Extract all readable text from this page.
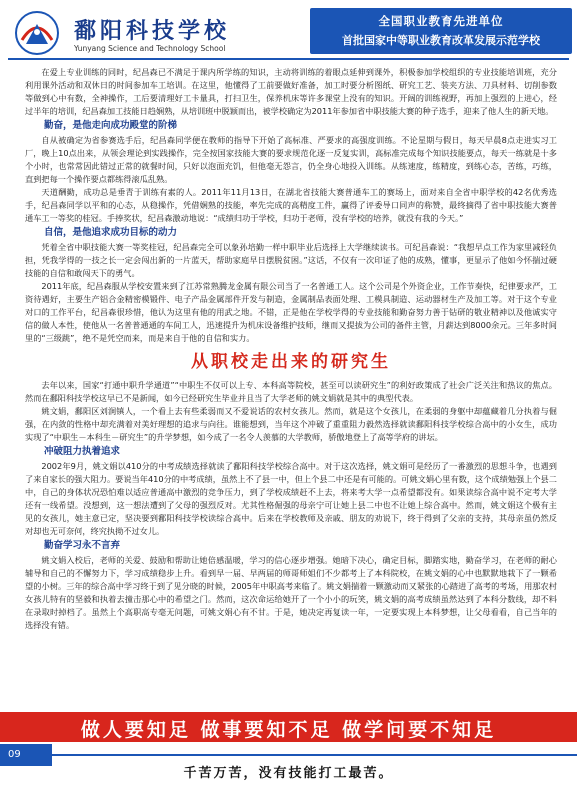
鄱阳科技学校
Yunyang Science and Technology School
全国职业教育先进单位
首批国家中等职业教育改革发展示范学校

在爱上专业训练的同时，纪昌森已不满足于课内所学练的知识，主动将训练的着眼点延伸到课外，积极参加学校组织的专业技能培训班，充分利用课外活动和双休日的时间参加车工培训。在这里，他懂得了工前要做好准备，加工时要分析图纸、研究工艺、装夹方法、刀具材料、切削参数等做到心中有数，全神操作，工后要清理好工卡量具，打扫卫生，保养机床等许多课堂上没有的知识。开阔的训练视野，再加上强烈的上进心，经过半年的培训，纪昌森加工技能日趋娴熟，从培训班中脱颖而出，被学校确定为2011年参加省中职技能大赛的种子选手，迎来了他人生的新天地。

勤奋，是他走向成功殿堂的阶梯

自从被确定为省参赛选手后，纪昌森同学便在教师的指导下开始了高标准、严要求的高强度训练。不论星期与假日，每天早晨8点走进实习工厂，晚上10点出来，从领会理论到实践操作，完全按国家技能大赛的要求规范化逐一反复实训，高标准完成每个知识技能要点，每天一练就是十多个小时，也常常因此错过正常的就餐时间，只好以泡面充饥，但他毫无怨言，仍全身心地投入训练。从练速度，练精度，到练心态，苦练，巧练，直到把每一个操作要点都练得滚瓜乱熟。

天道酬勤，成功总是垂青于训练有素的人。2011年11月13日，在湖北省技能大赛普通车工的赛场上，面对来自全省中职学校的42名优秀选手，纪昌森同学以平和的心态，从稳操作，凭借娴熟的技能，率先完成的高精度工件，赢得了评委导口同声的称赞，最终摘得了省中职技能大赛普通车工一等奖的桂冠。手捧奖状，纪昌森激动地说：“成绩归功于学校，归功于老师，没有学校的培养，就没有我的今天。”

自信，是他追求成功目标的动力

凭着全省中职技能大赛一等奖桂冠，纪昌森完全可以象孙培勤一样中职毕业后选择上大学继续读书。可纪昌森说：“我想早点工作为家里减轻负担，凭我学得的一技之长一定会闯出新的一片蓝天，帮助家庭早日摆脱贫困。”这话，不仅有一次印证了他的成熟，懂事，更显示了他如今怀揣过硬技能的自信和敢闯天下的勇气。

2011年底，纪昌森服从学校安置来到了江苏常熟腾龙金属有限公司当了一名普通工人。这个公司是个外资企业，工作节奏快，纪律要求严，工资待遇好，主要生产铝合金精密模锻件、电子产品金属部件开发与制造，金属制品表面处理、工模具制造、运动器材生产及加工等。对于这个专业对口的工作平台，纪昌森很珍惜，他认为这里有他的用武之地。不错，正是他在学校学得的专业技能和勤奋努力善于钻研的敬业精神以及他诚实守信的做人本性，使他从一名普普通通的车间工人，迅速提升为机床设备维护技师，继而又提拔为公司的备件主管，月薪达到8000余元。三年多时间里的“三级跳”，绝不是凭空而来，而是来自于他的自信和实力。

从职校走出来的研究生

去年以来，国家“打通中职升学通道”“中职生不仅可以上专、本科高等院校，甚至可以读研究生”的利好政策成了社会广泛关注和热议的焦点。然而在鄱阳科技学校这早已不是新闻，如今已经研究生毕业并且当了大学老师的姚文娟就是其中的典型代表。

姚文娟，鄱阳区刘涧镇人，一个看上去有些柔弱而又不爱说话的农村女孩儿。然而，就是这个女孩儿，在柔弱的身躯中却蕴藏着几分执着与倔强，在内敛的性格中却充满着对美好理想的追求与向往。谁能想到，当年这个冲破了重重阻力毅然选择就读鄱阳科技学校综合高中的小女生，成功实现了“中职生－本科生－研究生”的升学梦想，如今成了一名令人羡慕的大学教师，骄傲地登上了高等学府的讲坛。

冲破阻力执着追求

2002年9月，姚文娟以410分的中考成绩选择就读了鄱阳科技学校综合高中。对于这次选择，姚文娟可是经历了一番激烈的思想斗争，也遇到了来自家长的强大阻力。要说当年410分的中考成绩，虽然上不了县一中，但上个县二中还是有可能的。可姚文娟心里有数，这个成绩勉强上个县二中，自己的身体状况恐怕难以适应普通高中激烈的竞争压力，到了学校成绩赶不上去，将来考大学一点希望都没有。如果读综合高中说不定考大学还有一线希望。没想到，这一想法遭到了父母的强烈反对。尤其性格倔强的母亲宁可让她上县二中也不让她上综合高中。然而，姚文娟这个极有主见的女孩儿，她主意已定，坚决要到鄱阳科技学校读综合高中。后来在学校教师及亲戚、朋友的劝说下，终于得到了父亲的支持，其母亲虽仍然反对却也无可奈何，终究执拗不过女儿。

勤奋学习永不言弃

姚文娟入校后，老师的关爱、鼓励和帮助让她倍感温暖，学习的信心逐步增强。她暗下决心，确定目标，脚踏实地，勤奋学习，在老师的耐心辅导和自己的不懈努力下，学习成绩稳步上升。看到早一届、早两届的师哥师姐们不少都考上了本科院校，在姚文娟的心中也默默地栽下了一颗希望的小树。三年的综合高中学习终于到了见分晓的时候，2005年中职高考来临了。姚文娟揣着一颗激动而又紧张的心踏进了高考的考场，用那农村女孩儿特有的坚毅和执着去撞击那心中的希望之门。然而，这次命运给她开了一个小小的玩笑，姚文娟的高考成绩虽然达到了本科分数线，却不料在录取时掉档了。虽然上个高职高专毫无问题，可姚文娟心有不甘。于是，她决定再复读一年，一定要实现上本科梦想，让父母看看，自己当年的选择没有错。

做人要知足 做事要知不足 做学问要不知足
09
千苦万苦，没有技能打工最苦。
